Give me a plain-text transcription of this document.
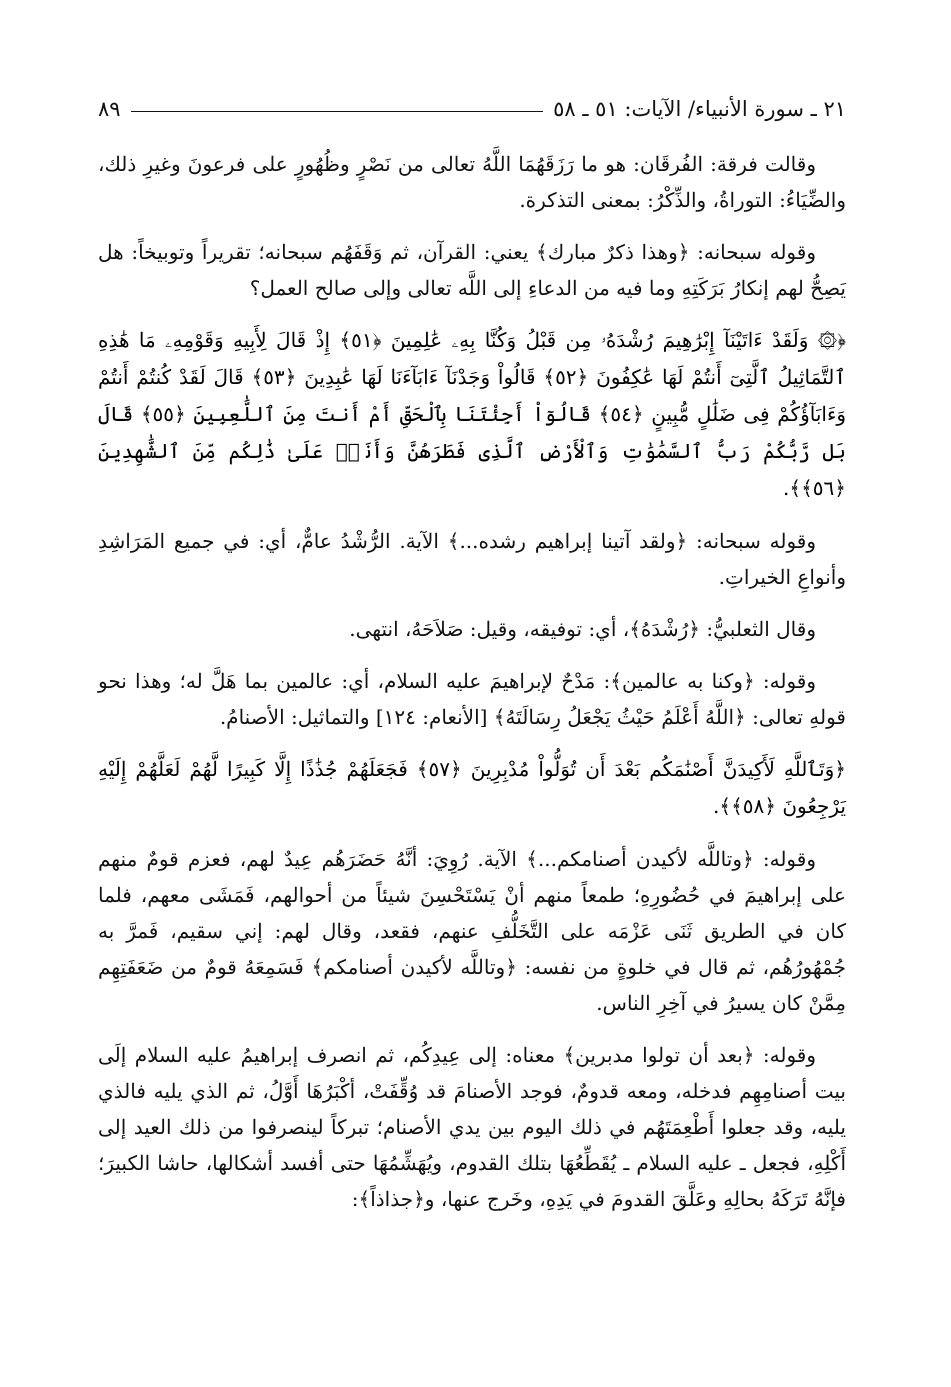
٢١ ـ سورة الأنبياء/ الآيات: ٥١ ـ ٥٨
٨٩

وقالت فرقة: الفُرقَان: هو ما رَزَقَهُمَا اللَّهُ تعالى من نَصْرٍ وظُهُورٍ على فرعونَ وغيرِ ذلك، والضِّيَاءُ: التوراةُ، والذِّكْرُ: بمعنى التذكرة.

وقوله سبحانه: ﴿وهذا ذكرٌ مبارك﴾ يعني: القرآن، ثم وَقَفَهُم سبحانه؛ تقريراً وتوبيخاً: هل يَصِحُّ لهم إنكارُ بَرَكَتِهِ وما فيه من الدعاءِ إلى اللَّه تعالى وإلى صالح العمل؟

﴿۞ وَلَقَدْ ءَاتَيْنَآ إِبْرَٰهِيمَ رُشْدَهُۥ مِن قَبْلُ وَكُنَّا بِهِۦ عَٰلِمِينَ ﴿٥١﴾ إِذْ قَالَ لِأَبِيهِ وَقَوْمِهِۦ مَا هَٰذِهِ ٱلتَّمَاثِيلُ ٱلَّتِىٓ أَنتُمْ لَهَا عَٰكِفُونَ ﴿٥٢﴾ قَالُواْ وَجَدْنَآ ءَابَآءَنَا لَهَا عَٰبِدِينَ ﴿٥٣﴾ قَالَ لَقَدْ كُنتُمْ أَنتُمْ وَءَابَآؤُكُمْ فِى ضَلَٰلٍ مُّبِينٍ ﴿٥٤﴾ قَالُوٓاْ أَجِئْتَنَا بِٱلْحَقِّ أَمْ أَنتَ مِنَ ٱللَّٰعِبِينَ ﴿٥٥﴾ قَالَ بَل رَّبُّكُمْ رَبُّ ٱلسَّمَٰوَٰتِ وَٱلْأَرْضِ ٱلَّذِى فَطَرَهُنَّ وَأَنَا۠ عَلَىٰ ذَٰلِكُم مِّنَ ٱلشَّٰهِدِينَ ﴿٥٦﴾﴾.

وقوله سبحانه: ﴿ولقد آتينا إبراهيم رشده...﴾ الآية. الرُّشْدُ عامٌّ، أي: في جميع المَرَاشِدِ وأنواعِ الخيراتِ.

وقال الثعلبيُّ: ﴿رُشْدَهُ﴾، أي: توفيقه، وقيل: صَلاَحَهُ، انتهى.

وقوله: ﴿وكنا به عالمين﴾: مَدْحٌ لإبراهيمَ عليه السلام، أي: عالمين بما هَلَّ له؛ وهذا نحو قولهِ تعالى: ﴿اللَّهُ أَعْلَمُ حَيْثُ يَجْعَلُ رِسَالَتَهُ﴾ [الأنعام: ١٢٤] والتماثيل: الأصنامُ.

﴿وَتَٱللَّهِ لَأَكِيدَنَّ أَصْنَٰمَكُم بَعْدَ أَن تُوَلُّواْ مُدْبِرِينَ ﴿٥٧﴾ فَجَعَلَهُمْ جُذَٰذًا إِلَّا كَبِيرًا لَّهُمْ لَعَلَّهُمْ إِلَيْهِ يَرْجِعُونَ ﴿٥٨﴾﴾.

وقوله: ﴿وتاللَّه لأكيدن أصنامكم...﴾ الآية. رُوِيَ: أنَّهُ حَضَرَهُم عِيدٌ لهم، فعزم قومٌ منهم على إبراهيمَ في حُضُورِهِ؛ طمعاً منهم أنْ يَسْتَحْسِنَ شيئاً من أحوالهم، فَمَشَى معهم، فلما كان في الطريق ثَنَى عَزْمَه على التَّخَلُّفِ عنهم، فقعد، وقال لهم: إني سقيم، فَمرَّ به جُمْهُورُهُم، ثم قال في خلوةٍ من نفسه: ﴿وتاللَّه لأكيدن أصنامكم﴾ فَسَمِعَهُ قومٌ من ضَعَفَتِهِم مِمَّنْ كان يسيرُ في آخِرِ الناس.

وقوله: ﴿بعد أن تولوا مدبرين﴾ معناه: إلى عِيدِكُم، ثم انصرف إبراهيمُ عليه السلام إلَى بيت أصنامِهِم فدخله، ومعه قدومٌ، فوجد الأصنامَ قد وُقِّفَتْ، أكْبَرُهَا أَوَّلُ، ثم الذي يليه فالذي يليه، وقد جعلوا أَطْعِمَتَهُم في ذلك اليوم بين يدي الأصنام؛ تبركاً لينصرفوا من ذلك العيد إلى أَكْلِهِ، فجعل ـ عليه السلام ـ يُقَطِّعُهَا بتلك القدوم، ويُهَشِّمُهَا حتى أفسد أشكالها، حاشا الكبيرَ؛ فإنَّهُ تَرَكَهُ بحالِهِ وعَلَّقَ القدومَ في يَدِهِ، وخَرج عنها، و﴿جذاذاً﴾:
